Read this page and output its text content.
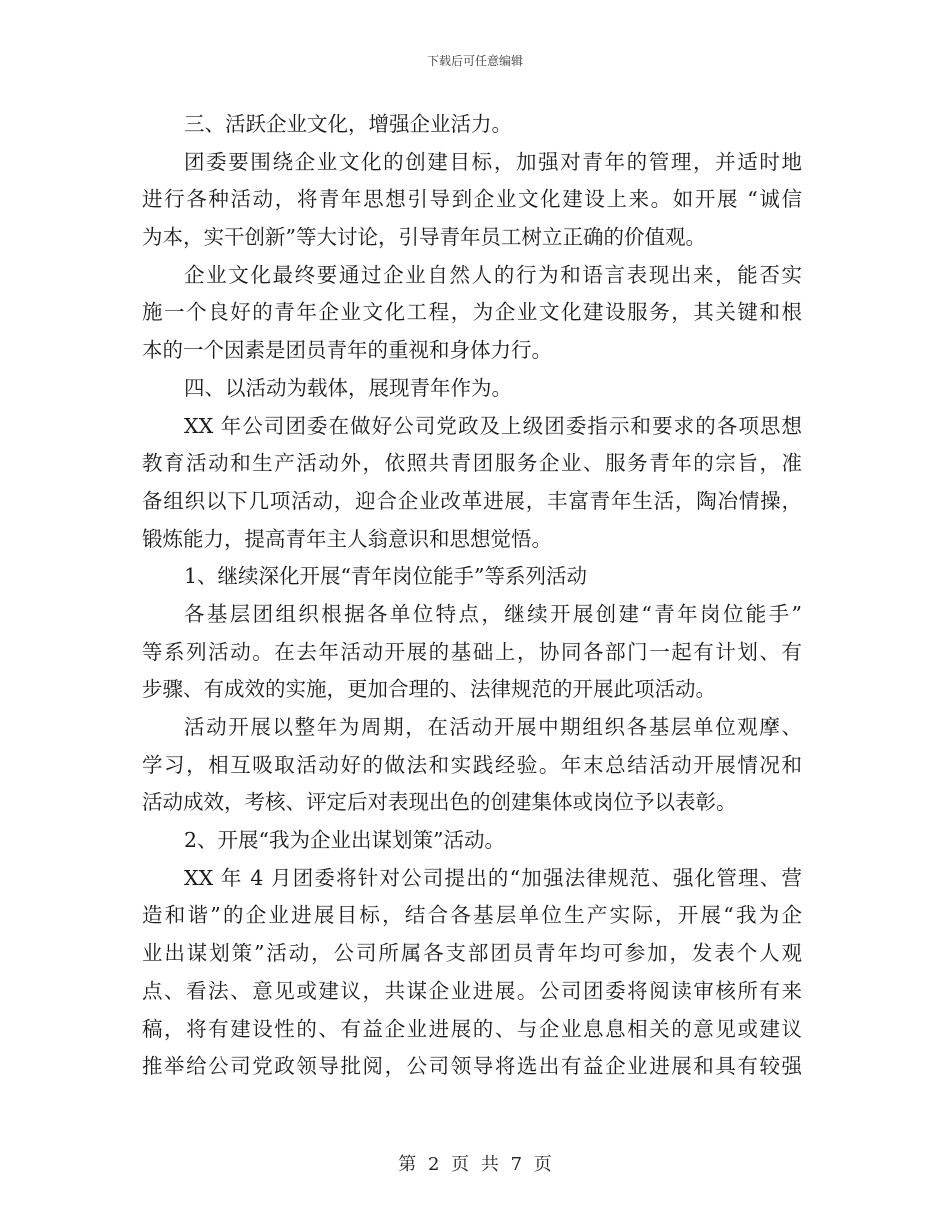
下载后可任意编辑
三、活跃企业文化，增强企业活力。
团委要围绕企业文化的创建目标，加强对青年的管理，并适时地
进行各种活动，将青年思想引导到企业文化建设上来。如开展 “诚信
为本，实干创新”等大讨论，引导青年员工树立正确的价值观。
企业文化最终要通过企业自然人的行为和语言表现出来，能否实
施一个良好的青年企业文化工程，为企业文化建设服务，其关键和根
本的一个因素是团员青年的重视和身体力行。
四、以活动为载体，展现青年作为。
XX 年公司团委在做好公司党政及上级团委指示和要求的各项思想
教育活动和生产活动外，依照共青团服务企业、服务青年的宗旨，准
备组织以下几项活动，迎合企业改革进展，丰富青年生活，陶冶情操，
锻炼能力，提高青年主人翁意识和思想觉悟。
1、继续深化开展“青年岗位能手”等系列活动
各基层团组织根据各单位特点，继续开展创建“青年岗位能手”
等系列活动。在去年活动开展的基础上，协同各部门一起有计划、有
步骤、有成效的实施，更加合理的、法律规范的开展此项活动。
活动开展以整年为周期，在活动开展中期组织各基层单位观摩、
学习，相互吸取活动好的做法和实践经验。年末总结活动开展情况和
活动成效，考核、评定后对表现出色的创建集体或岗位予以表彰。
2、开展“我为企业出谋划策”活动。
XX 年 4 月团委将针对公司提出的“加强法律规范、强化管理、营
造和谐”的企业进展目标，结合各基层单位生产实际，开展“我为企
业出谋划策”活动，公司所属各支部团员青年均可参加，发表个人观
点、看法、意见或建议，共谋企业进展。公司团委将阅读审核所有来
稿，将有建设性的、有益企业进展的、与企业息息相关的意见或建议
推举给公司党政领导批阅，公司领导将选出有益企业进展和具有较强
第 2 页 共 7 页
